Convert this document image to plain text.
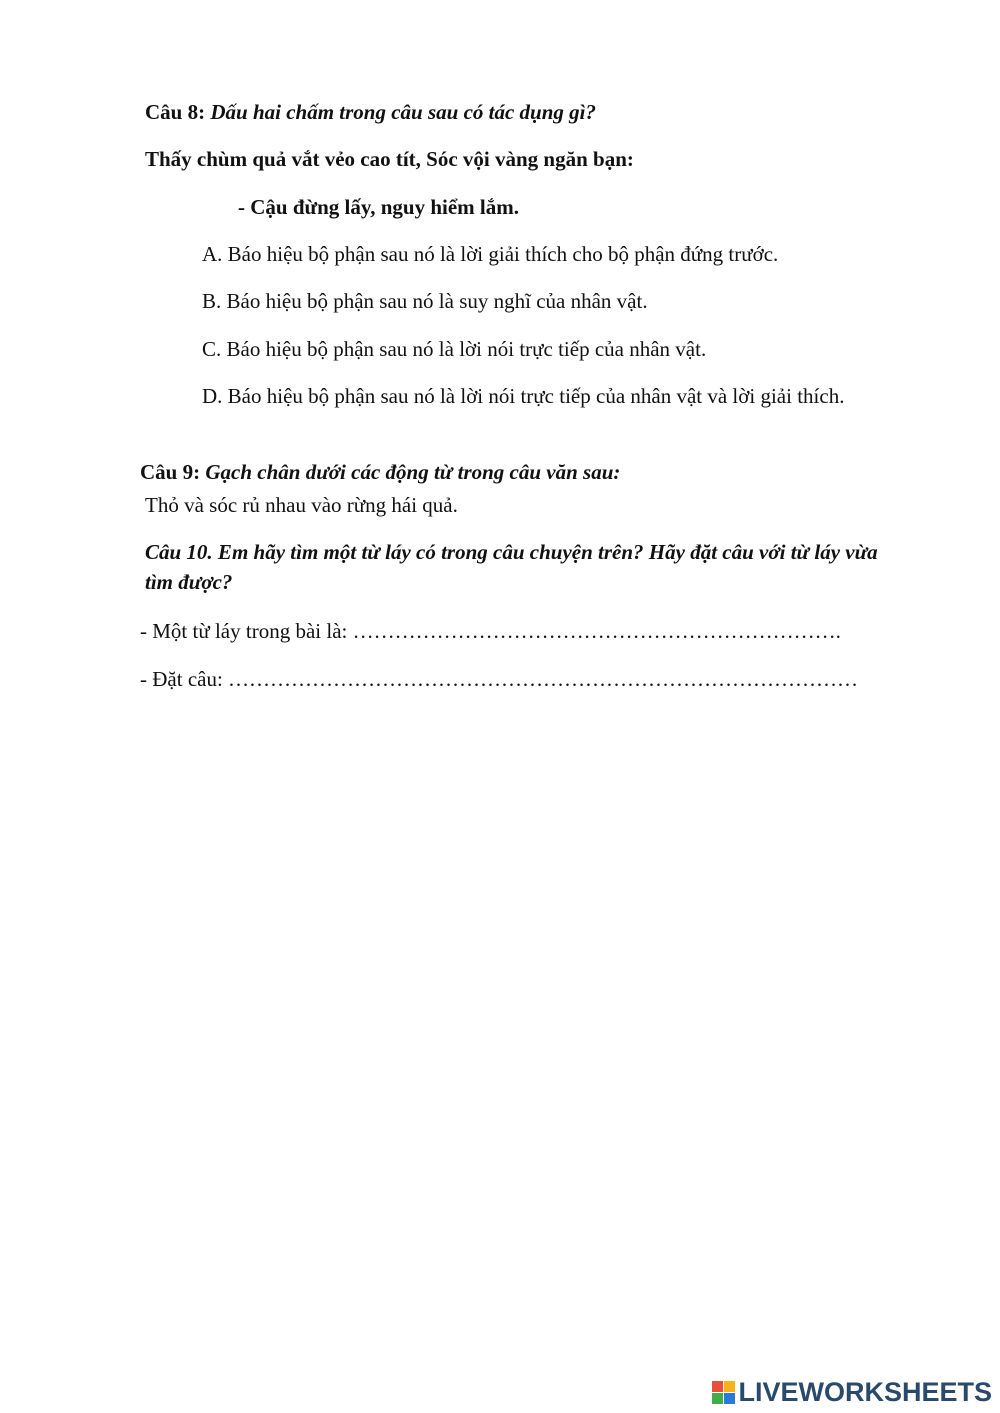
Câu 8: Dấu hai chấm trong câu sau có tác dụng gì?
Thấy chùm quả vắt vẻo cao tít, Sóc vội vàng ngăn bạn:
- Cậu đừng lấy, nguy hiểm lắm.
A. Báo hiệu bộ phận sau nó là lời giải thích cho bộ phận đứng trước.
B. Báo hiệu bộ phận sau nó là suy nghĩ của nhân vật.
C. Báo hiệu bộ phận sau nó là lời nói trực tiếp của nhân vật.
D. Báo hiệu bộ phận sau nó là lời nói trực tiếp của nhân vật và lời giải thích.
Câu 9: Gạch chân dưới các động từ trong câu văn sau:
Thỏ và sóc rủ nhau vào rừng hái quả.
Câu 10. Em hãy tìm một từ láy có trong câu chuyện trên? Hãy đặt câu với từ láy vừa tìm được?
- Một từ láy trong bài là: …………………………………………………………….
- Đặt câu: ………………………………………………………………………………
LIVEWORKSHEETS
